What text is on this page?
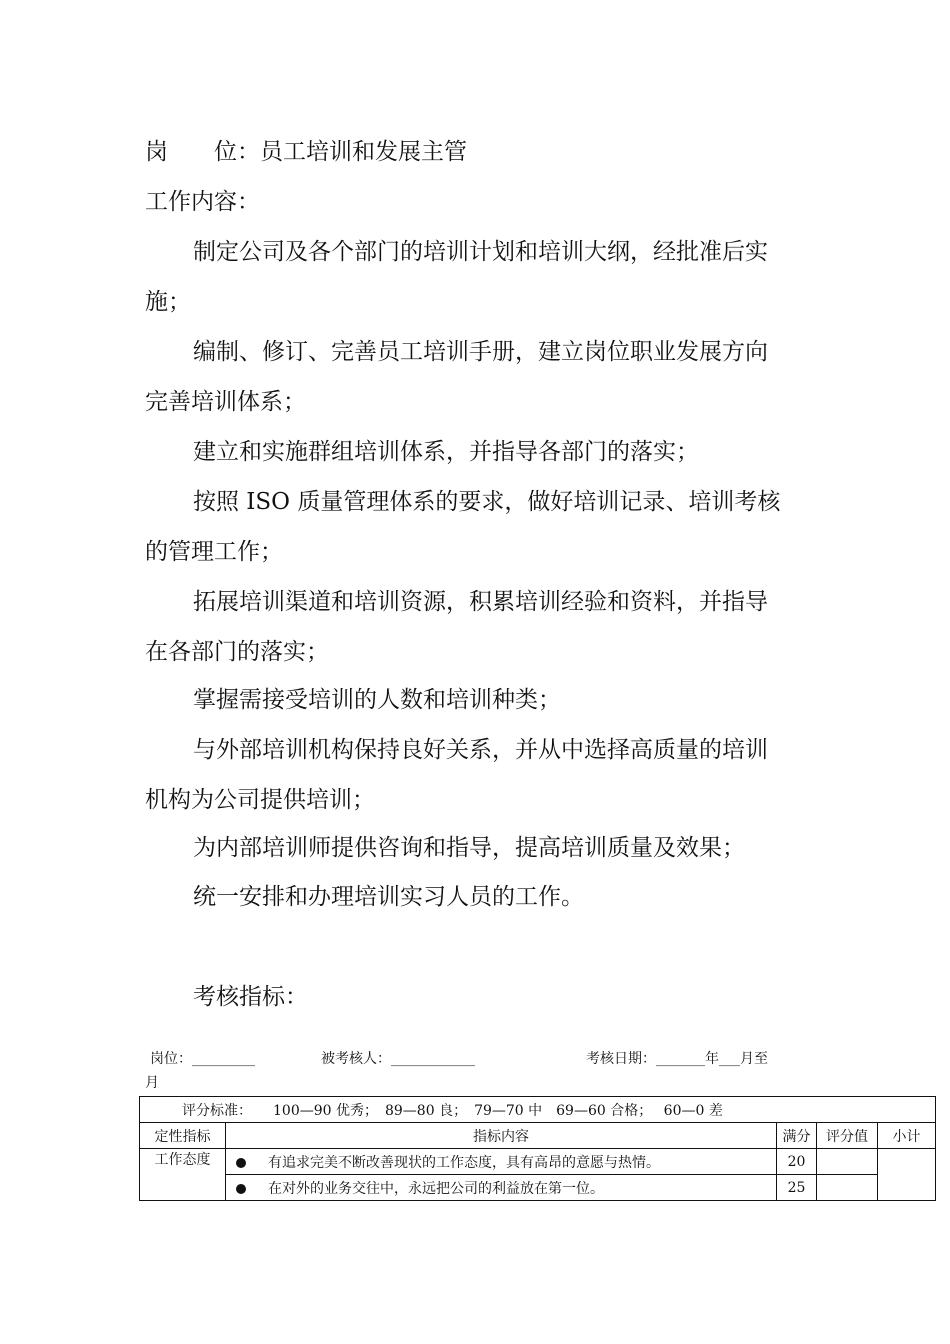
岗　　位：员工培训和发展主管
工作内容：
制定公司及各个部门的培训计划和培训大纲，经批准后实
施；
编制、修订、完善员工培训手册，建立岗位职业发展方向
完善培训体系；
建立和实施群组培训体系，并指导各部门的落实；
按照 ISO 质量管理体系的要求，做好培训记录、培训考核
的管理工作；
拓展培训渠道和培训资源，积累培训经验和资料，并指导
在各部门的落实；
掌握需接受培训的人数和培训种类；
与外部培训机构保持良好关系，并从中选择高质量的培训
机构为公司提供培训；
为内部培训师提供咨询和指导，提高培训质量及效果；
统一安排和办理培训实习人员的工作。
考核指标：
岗位：_________	被考核人：____________	考核日期：_______年___月至
月
评分标准：　　100—90 优秀；　89—80 良；　79—70 中　69—60 合格；　 60—0 差				
定性指标	指标内容	满分	评分值	小计
工作态度	有追求完美不断改善现状的工作态度，具有高昂的意愿与热情。	20		
	在对外的业务交往中，永远把公司的利益放在第一位。	25		
